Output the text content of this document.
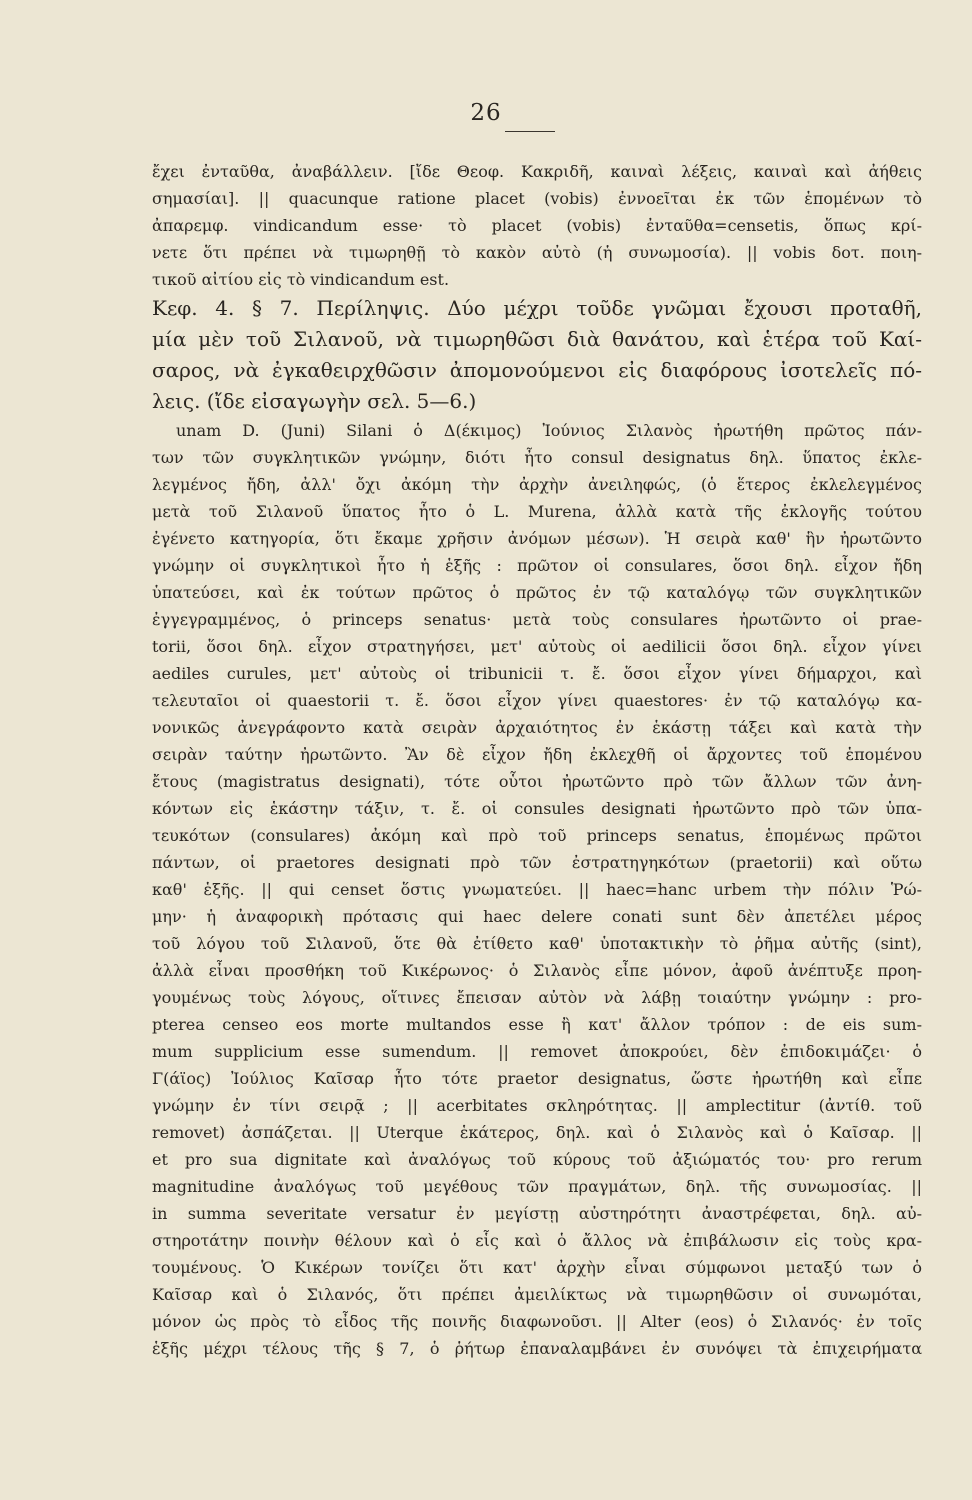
26
ἔχει ἐνταῦθα, ἀναβάλλειν. [ἴδε Θεοφ. Κακριδῆ, καιναὶ λέξεις, καιναὶ καὶ ἀήθεις
σημασίαι]. || quacunque ratione placet (vobis) ἐννοεῖται ἐκ τῶν ἑπομένων τὸ
ἀπαρεμφ. vindicandum esse· τὸ placet (vobis) ἐνταῦθα=censetis, ὅπως κρί-
νετε ὅτι πρέπει νὰ τιμωρηθῇ τὸ κακὸν αὐτὸ (ἡ συνωμοσία). || vobis δοτ. ποιη-
τικοῦ αἰτίου εἰς τὸ vindicandum est.
Κεφ. 4. § 7. Περίληψις. Δύο μέχρι τοῦδε γνῶμαι ἔχουσι προταθῆ,
μία μὲν τοῦ Σιλανοῦ, νὰ τιμωρηθῶσι διὰ θανάτου, καὶ ἑτέρα τοῦ Καί-
σαρος, νὰ ἐγκαθειρχθῶσιν ἀπομονούμενοι εἰς διαφόρους ἰσοτελεῖς πό-
λεις. (ἴδε εἰσαγωγὴν σελ. 5—6.)
unam D. (Juni) Silani ὁ Δ(έκιμος) Ἰούνιος Σιλανὸς ἠρωτήθη πρῶτος πάν-
των τῶν συγκλητικῶν γνώμην, διότι ἦτο consul designatus δηλ. ὕπατος ἐκλε-
λεγμένος ἤδη, ἀλλ' ὄχι ἀκόμη τὴν ἀρχὴν ἀνειληφώς, (ὁ ἕτερος ἐκλελεγμένος
μετὰ τοῦ Σιλανοῦ ὕπατος ἦτο ὁ L. Murena, ἀλλὰ κατὰ τῆς ἐκλογῆς τούτου
ἐγένετο κατηγορία, ὅτι ἔκαμε χρῆσιν ἀνόμων μέσων). Ἡ σειρὰ καθ' ἣν ἠρωτῶντο
γνώμην οἱ συγκλητικοὶ ἦτο ἡ ἑξῆς : πρῶτον οἱ consulares, ὅσοι δηλ. εἶχον ἤδη
ὑπατεύσει, καὶ ἐκ τούτων πρῶτος ὁ πρῶτος ἐν τῷ καταλόγῳ τῶν συγκλητικῶν
ἐγγεγραμμένος, ὁ princeps senatus· μετὰ τοὺς consulares ἠρωτῶντο οἱ prae-
torii, ὅσοι δηλ. εἶχον στρατηγήσει, μετ' αὐτοὺς οἱ aedilicii ὅσοι δηλ. εἶχον γίνει
aediles curules, μετ' αὐτοὺς οἱ tribunicii τ. ἔ. ὅσοι εἶχον γίνει δήμαρχοι, καὶ
τελευταῖοι οἱ quaestorii τ. ἔ. ὅσοι εἶχον γίνει quaestores· ἐν τῷ καταλόγῳ κα-
νονικῶς ἀνεγράφοντο κατὰ σειρὰν ἀρχαιότητος ἐν ἑκάστῃ τάξει καὶ κατὰ τὴν
σειρὰν ταύτην ἠρωτῶντο. Ἂν δὲ εἶχον ἤδη ἐκλεχθῆ οἱ ἄρχοντες τοῦ ἑπομένου
ἔτους (magistratus designati), τότε οὗτοι ἠρωτῶντο πρὸ τῶν ἄλλων τῶν ἀνη-
κόντων εἰς ἑκάστην τάξιν, τ. ἔ. οἱ consules designati ἠρωτῶντο πρὸ τῶν ὑπα-
τευκότων (consulares) ἀκόμη καὶ πρὸ τοῦ princeps senatus, ἑπομένως πρῶτοι
πάντων, οἱ praetores designati πρὸ τῶν ἐστρατηγηκότων (praetorii) καὶ οὕτω
καθ' ἑξῆς. || qui censet ὅστις γνωματεύει. || haec=hanc urbem τὴν πόλιν Ῥώ-
μην· ἡ ἀναφορικὴ πρότασις qui haec delere conati sunt δὲν ἀπετέλει μέρος
τοῦ λόγου τοῦ Σιλανοῦ, ὅτε θὰ ἐτίθετο καθ' ὑποτακτικὴν τὸ ῥῆμα αὐτῆς (sint),
ἀλλὰ εἶναι προσθήκη τοῦ Κικέρωνος· ὁ Σιλανὸς εἶπε μόνον, ἀφοῦ ἀνέπτυξε προη-
γουμένως τοὺς λόγους, οἵτινες ἔπεισαν αὐτὸν νὰ λάβῃ τοιαύτην γνώμην : pro-
pterea censeo eos morte multandos esse ἢ κατ' ἄλλον τρόπον : de eis sum-
mum supplicium esse sumendum. || removet ἀποκρούει, δὲν ἐπιδοκιμάζει· ὁ
Γ(άϊος) Ἰούλιος Καῖσαρ ἦτο τότε praetor designatus, ὥστε ἠρωτήθη καὶ εἶπε
γνώμην ἐν τίνι σειρᾷ ; || acerbitates σκληρότητας. || amplectitur (ἀντίθ. τοῦ
removet) ἀσπάζεται. || Uterque ἑκάτερος, δηλ. καὶ ὁ Σιλανὸς καὶ ὁ Καῖσαρ. ||
et pro sua dignitate καὶ ἀναλόγως τοῦ κύρους τοῦ ἀξιώματός του· pro rerum
magnitudine ἀναλόγως τοῦ μεγέθους τῶν πραγμάτων, δηλ. τῆς συνωμοσίας. ||
in summa severitate versatur ἐν μεγίστῃ αὐστηρότητι ἀναστρέφεται, δηλ. αὐ-
στηροτάτην ποινὴν θέλουν καὶ ὁ εἷς καὶ ὁ ἄλλος νὰ ἐπιβάλωσιν εἰς τοὺς κρα-
τουμένους. Ὁ Κικέρων τονίζει ὅτι κατ' ἀρχὴν εἶναι σύμφωνοι μεταξύ των ὁ
Καῖσαρ καὶ ὁ Σιλανός, ὅτι πρέπει ἀμειλίκτως νὰ τιμωρηθῶσιν οἱ συνωμόται,
μόνον ὡς πρὸς τὸ εἶδος τῆς ποινῆς διαφωνοῦσι. || Alter (eos) ὁ Σιλανός· ἐν τοῖς
ἑξῆς μέχρι τέλους τῆς § 7, ὁ ῥήτωρ ἐπαναλαμβάνει ἐν συνόψει τὰ ἐπιχειρήματα
